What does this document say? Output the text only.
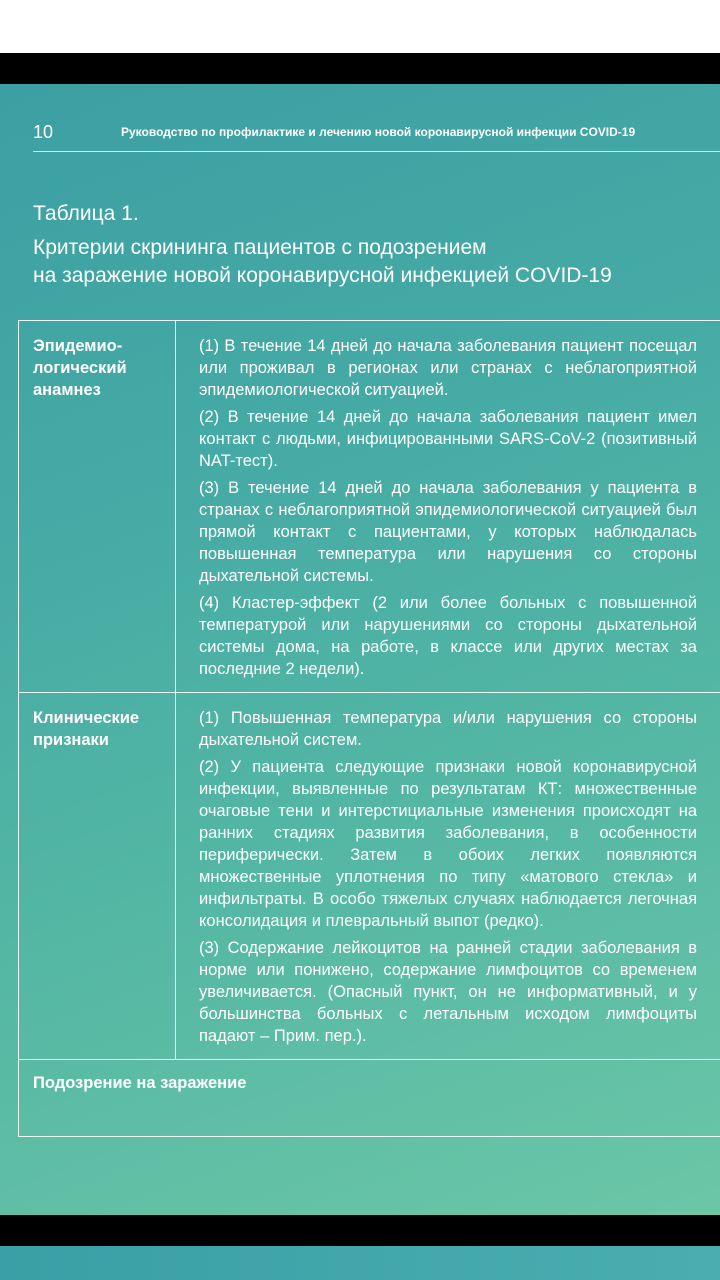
10	Руководство по профилактике и лечению новой коронавирусной инфекции COVID-19
Таблица 1.
Критерии скрининга пациентов с подозрением
на заражение новой коронавирусной инфекцией COVID-19
Эпидемио-логический анамнез

(1) В течение 14 дней до начала заболевания пациент посещал или проживал в регионах или странах с неблагоприятной эпидемиологической ситуацией.

(2) В течение 14 дней до начала заболевания пациент имел контакт с людьми, инфицированными SARS-CoV-2 (позитивный NAT-тест).

(3) В течение 14 дней до начала заболевания у пациента в странах с неблагоприятной эпидемиологической ситуацией был прямой контакт с пациентами, у которых наблюдалась повышенная температура или нарушения со стороны дыхательной системы.

(4) Кластер-эффект (2 или более больных с повышенной температурой или нарушениями со стороны дыхательной системы дома, на работе, в классе или других местах за последние 2 недели).

Клинические признаки

(1) Повышенная температура и/или нарушения со стороны дыхательной систем.

(2) У пациента следующие признаки новой коронавирусной инфекции, выявленные по результатам КТ: множественные очаговые тени и интерстициальные изменения происходят на ранних стадиях развития заболевания, в особенности периферически. Затем в обоих легких появляются множественные уплотнения по типу «матового стекла» и инфильтраты. В особо тяжелых случаях наблюдается легочная консолидация и плевральный выпот (редко).

(3) Содержание лейкоцитов на ранней стадии заболевания в норме или понижено, содержание лимфоцитов со временем увеличивается. (Опасный пункт, он не информативный, и у большинства больных с летальным исходом лимфоциты падают – Прим. пер.).

Подозрение на заражение
